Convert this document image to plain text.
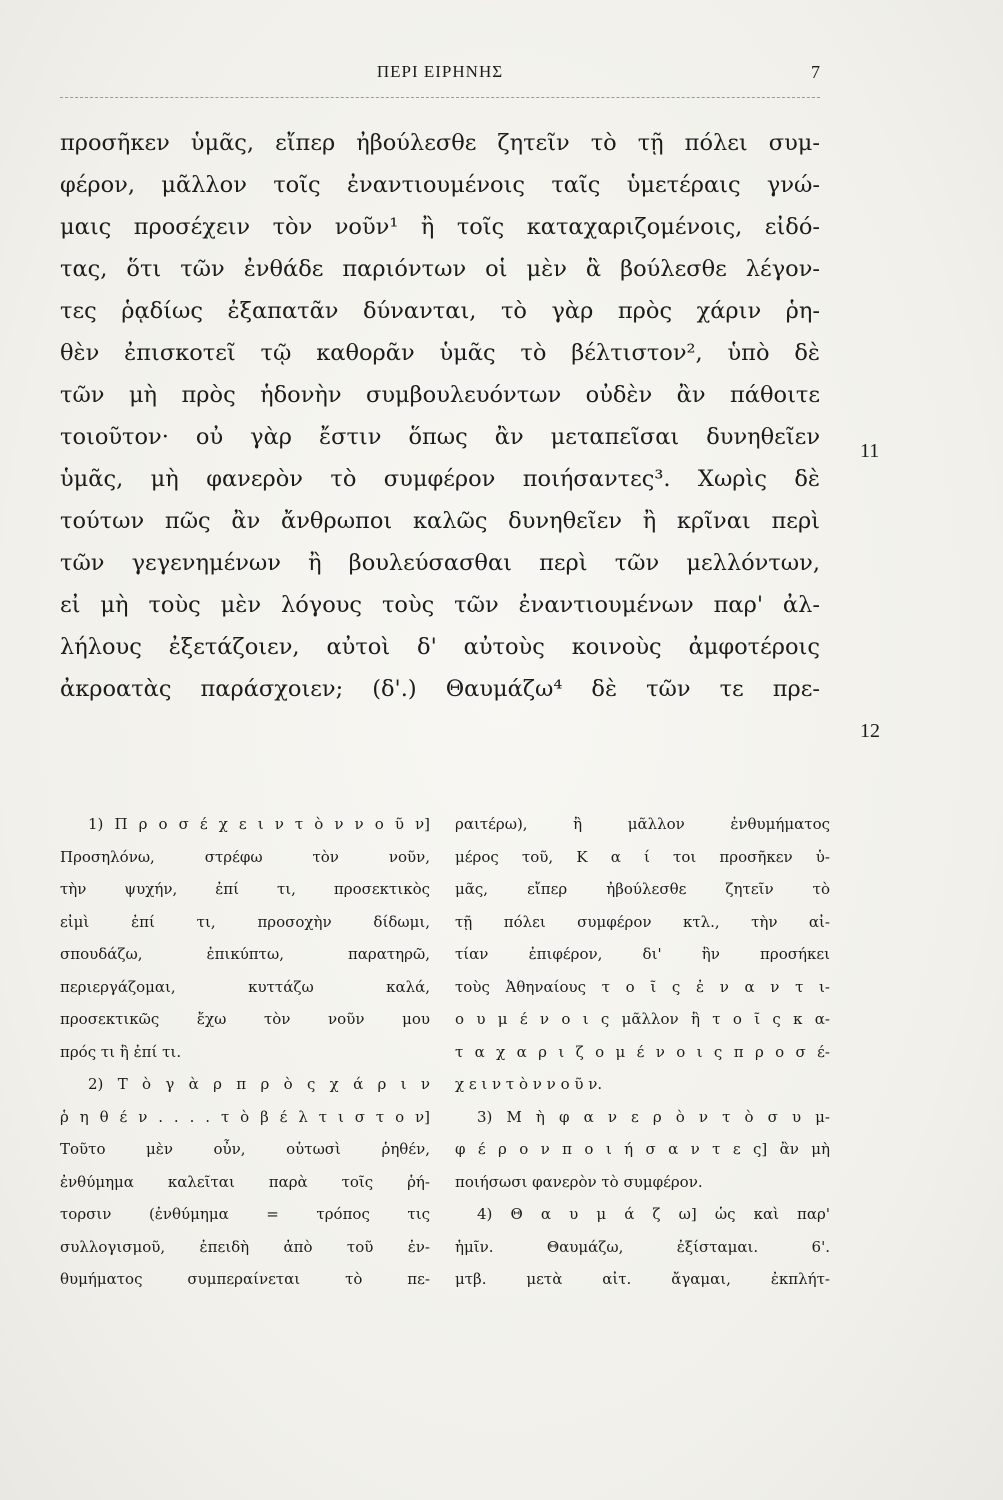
ΠΕΡΙ ΕΙΡΗΝΗΣ	7
προσῆκεν ὑμᾶς, εἴπερ ἠβούλεσθε ζητεῖν τὸ τῇ πόλει συμ-
φέρον, μᾶλλον τοῖς ἐναντιουμένοις ταῖς ὑμετέραις γνώ-
μαις προσέχειν τὸν νοῦν¹ ἢ τοῖς καταχαριζομένοις, εἰδό-
τας, ὅτι τῶν ἐνθάδε παριόντων οἱ μὲν ἃ βούλεσθε λέγον-
τες ῥᾳδίως ἐξαπατᾶν δύνανται, τὸ γὰρ πρὸς χάριν ῥη-
θὲν ἐπισκοτεῖ τῷ καθορᾶν ὑμᾶς τὸ βέλτιστον², ὑπὸ δὲ
τῶν μὴ πρὸς ἡδονὴν συμβουλευόντων οὐδὲν ἂν πάθοιτε
τοιοῦτον· οὐ γὰρ ἔστιν ὅπως ἂν μεταπεῖσαι δυνηθεῖεν
ὑμᾶς, μὴ φανερὸν τὸ συμφέρον ποιήσαντες³. Χωρὶς δὲ
τούτων πῶς ἂν ἄνθρωποι καλῶς δυνηθεῖεν ἢ κρῖναι περὶ
τῶν γεγενημένων ἢ βουλεύσασθαι περὶ τῶν μελλόντων,
εἰ μὴ τοὺς μὲν λόγους τοὺς τῶν ἐναντιουμένων παρ' ἀλ-
λήλους ἐξετάζοιεν, αὐτοὶ δ' αὐτοὺς κοινοὺς ἀμφοτέροις
ἀκροατὰς παράσχοιεν; (δ'.) Θαυμάζω⁴ δὲ τῶν τε πρε-
11
12
1) Π ρ ο σ έ χ ε ι ν τ ὸ ν ν ο ῦ ν]
Προσηλόνω, στρέφω τὸν νοῦν,
τὴν ψυχήν, ἐπί τι, προσεκτικὸς
εἰμὶ ἐπί τι, προσοχὴν δίδωμι,
σπουδάζω, ἐπικύπτω, παρατηρῶ,
περιεργάζομαι, κυττάζω καλά,
προσεκτικῶς ἔχω τὸν νοῦν μου
πρός τι ἢ ἐπί τι.
2) Τ ὸ γ ὰ ρ π ρ ὸ ς χ ά ρ ι ν
ῥ η θ έ ν . . . . τ ὸ β έ λ τ ι σ τ ο ν]
Τοῦτο μὲν οὖν, οὑτωσὶ ῥηθέν,
ἐνθύμημα καλεῖται παρὰ τοῖς ῥή-
τορσιν (ἐνθύμημα = τρόπος τις
συλλογισμοῦ, ἐπειδὴ ἀπὸ τοῦ ἐν-
θυμήματος συμπεραίνεται τὸ πε-
ραιτέρω), ἢ μᾶλλον ἐνθυμήματος
μέρος τοῦ, Κ α ί τοι προσῆκεν ὑ-
μᾶς, εἴπερ ἠβούλεσθε ζητεῖν τὸ
τῇ πόλει συμφέρον κτλ., τὴν αἰ-
τίαν ἐπιφέρον, δι' ἣν προσήκει
τοὺς Ἀθηναίους τ ο ῖ ς ἐ ν α ν τ ι-
ο υ μ έ ν ο ι ς μᾶλλον ἢ τ ο ῖ ς κ α-
τ α χ α ρ ι ζ ο μ έ ν ο ι ς π ρ ο σ έ-
χ ε ι ν τ ὸ ν ν ο ῦ ν.
3) Μ ὴ φ α ν ε ρ ὸ ν τ ὸ σ υ μ-
φ έ ρ ο ν π ο ι ή σ α ν τ ε ς] ἂν μὴ
ποιήσωσι φανερὸν τὸ συμφέρον.
4) Θ α υ μ ά ζ ω] ὡς καὶ παρ'
ἡμῖν. Θαυμάζω, ἐξίσταμαι. 6'.
μτβ. μετὰ αἰτ. ἄγαμαι, ἐκπλήτ-
